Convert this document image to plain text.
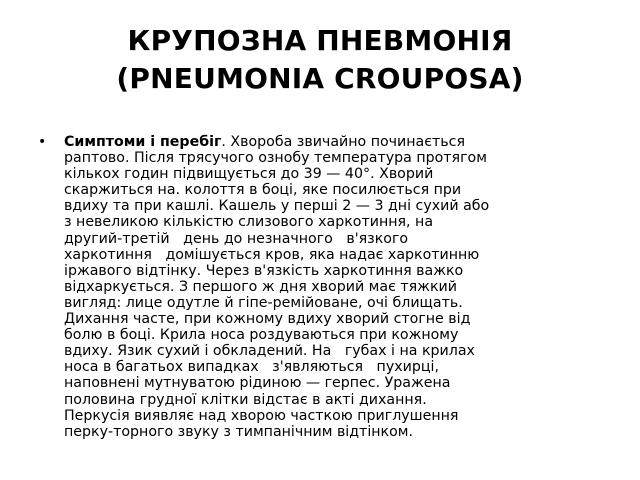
КРУПОЗНА ПНЕВМОНІЯ
(PNEUMONIA CROUPOSA)
• Симптоми і перебіг. Хвороба звичайно починається
раптово. Після трясучого ознобу температура протягом
кількох годин підвищується до 39 — 40°. Хворий
скаржиться на. колоття в боці, яке посилюється при
вдиху та при кашлі. Кашель у перші 2 — 3 дні сухий або
з невеликою кількістю слизового харкотиння, на
другий-третій   день до незначного   в'язкого
харкотиння   домішується кров, яка надає харкотинню
іржавого відтінку. Через в'язкість харкотиння важко
відхаркується. З першого ж дня хворий має тяжкий
вигляд: лице одутле й гіпе-ремійоване, очі блищать.
Дихання часте, при кожному вдиху хворий стогне від
болю в боці. Крила носа роздуваються при кожному
вдиху. Язик сухий і обкладений. На   губах і на крилах
носа в багатьох випадках   з'являються   пухирці,
наповнені мутнуватою рідиною — герпес. Уражена
половина грудної клітки відстає в акті дихання.
Перкусія виявляє над хворою часткою приглушення
перку-торного звуку з тимпанічним відтінком.
